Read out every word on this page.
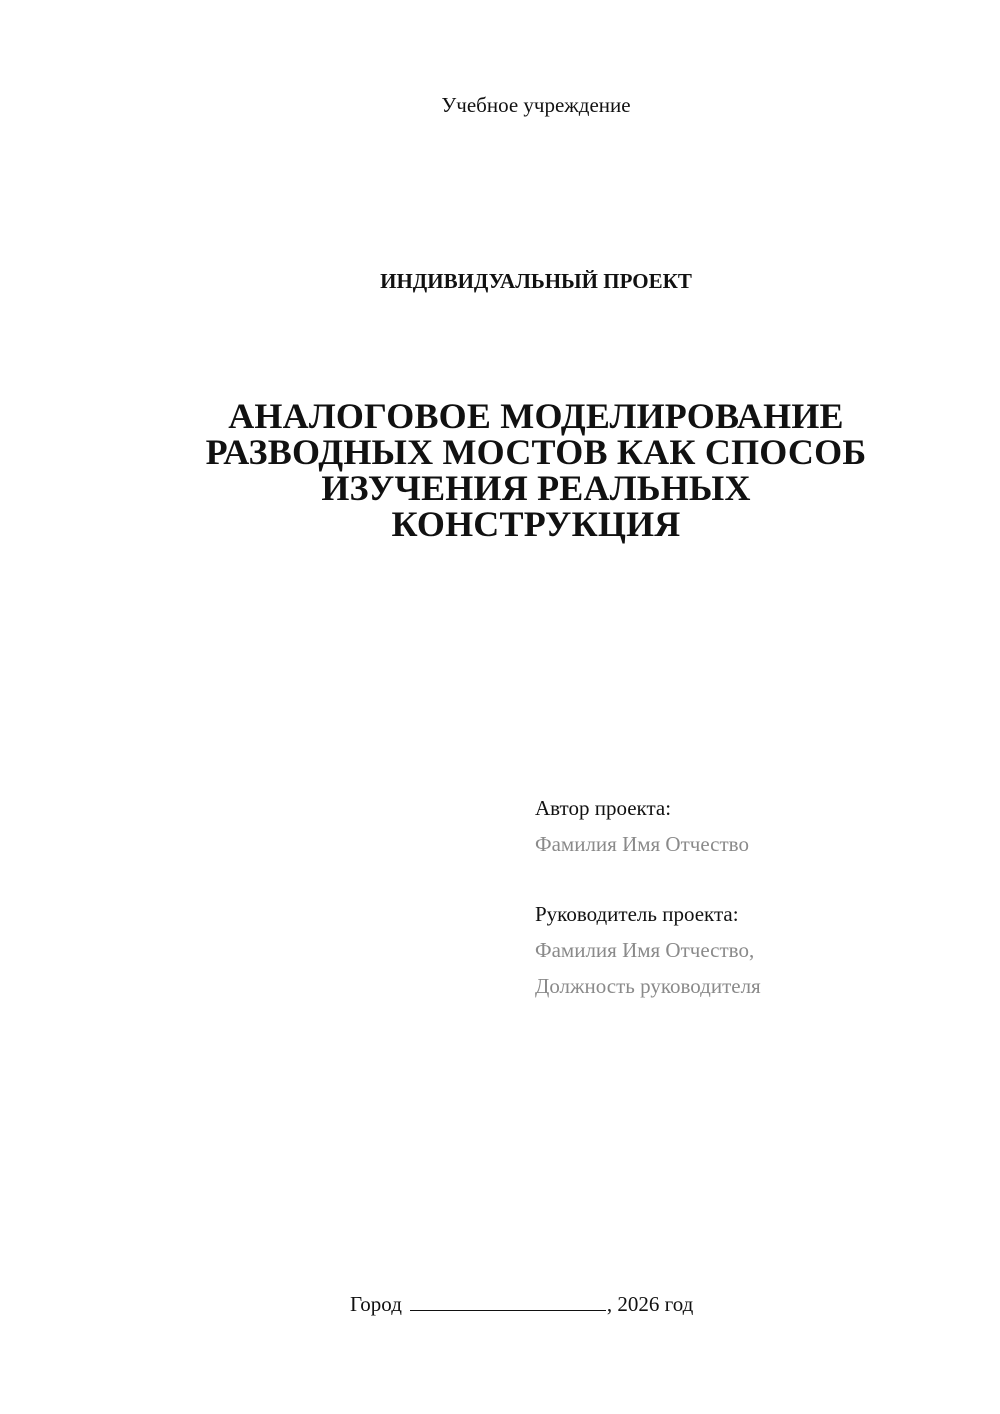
Учебное учреждение
ИНДИВИДУАЛЬНЫЙ ПРОЕКТ
АНАЛОГОВОЕ МОДЕЛИРОВАНИЕ
РАЗВОДНЫХ МОСТОВ КАК СПОСОБ
ИЗУЧЕНИЯ РЕАЛЬНЫХ
КОНСТРУКЦИЯ
Автор проекта:
Фамилия Имя Отчество
Руководитель проекта:
Фамилия Имя Отчество,
Должность руководителя
Город	, 2026 год
